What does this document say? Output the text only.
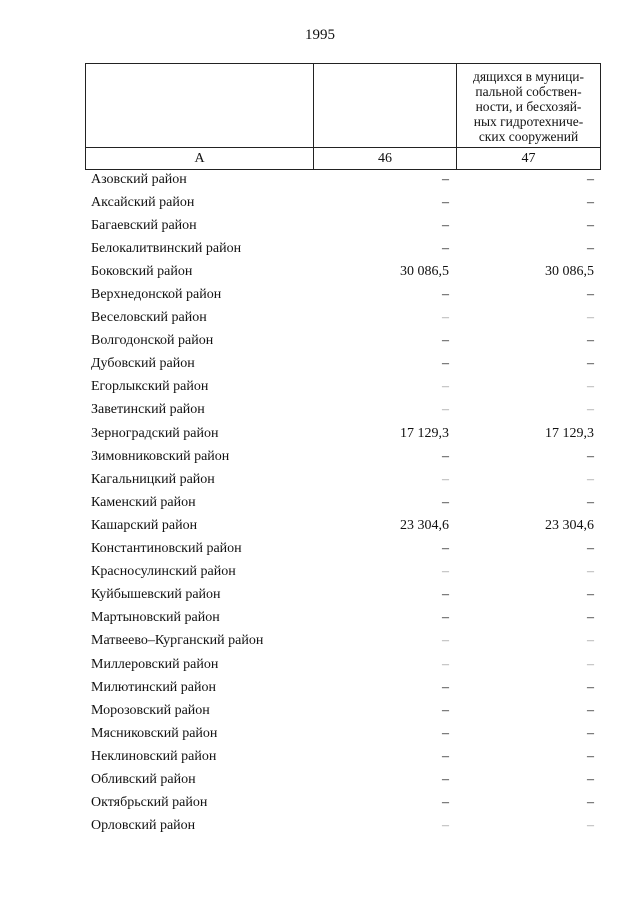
1995

		дящихся в муници-
пальной собствен-
ности, и бесхозяй-
ных гидротехниче-
ских сооружений

А	46	47
Азовский район	–	–
Аксайский район	–	–
Багаевский район	–	–
Белокалитвинский район	–	–
Боковский район	30 086,5	30 086,5
Верхнедонской район	–	–
Веселовский район	–	–
Волгодонской район	–	–
Дубовский район	–	–
Егорлыкский район	–	–
Заветинский район	–	–
Зерноградский район	17 129,3	17 129,3
Зимовниковский район	–	–
Кагальницкий район	–	–
Каменский район	–	–
Кашарский район	23 304,6	23 304,6
Константиновский район	–	–
Красносулинский район	–	–
Куйбышевский район	–	–
Мартыновский район	–	–
Матвеево–Курганский район	–	–
Миллеровский район	–	–
Милютинский район	–	–
Морозовский район	–	–
Мясниковский район	–	–
Неклиновский район	–	–
Обливский район	–	–
Октябрьский район	–	–
Орловский район	–	–
